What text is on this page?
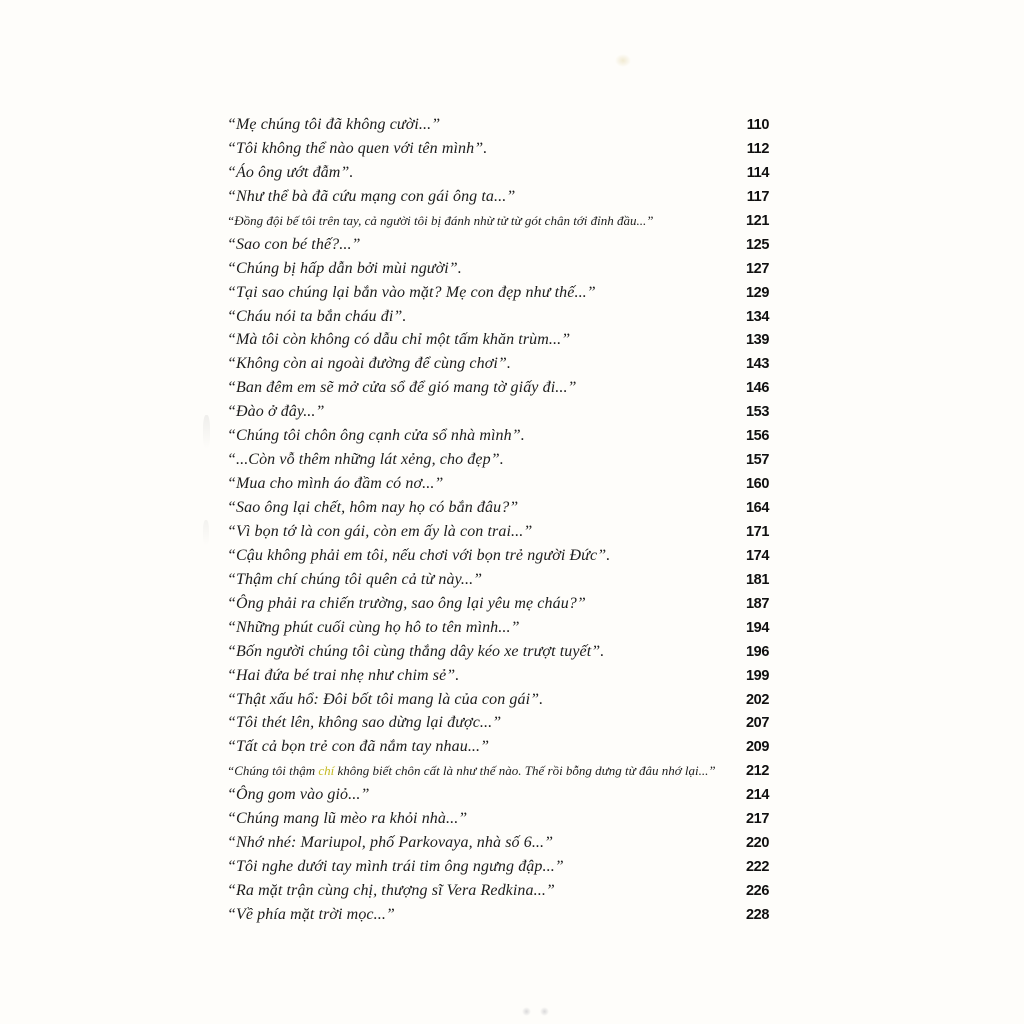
“Mẹ chúng tôi đã không cười...”	110
“Tôi không thể nào quen với tên mình”.	112
“Áo ông ướt đẫm”.	114
“Như thể bà đã cứu mạng con gái ông ta...”	117
“Đồng đội bế tôi trên tay, cả người tôi bị đánh nhừ tử từ gót chân tới đỉnh đầu...”	121
“Sao con bé thế?...”	125
“Chúng bị hấp dẫn bởi mùi người”.	127
“Tại sao chúng lại bắn vào mặt? Mẹ con đẹp như thế...”	129
“Cháu nói ta bắn cháu đi”.	134
“Mà tôi còn không có dẫu chỉ một tấm khăn trùm...”	139
“Không còn ai ngoài đường để cùng chơi”.	143
“Ban đêm em sẽ mở cửa sổ để gió mang tờ giấy đi...”	146
“Đào ở đây...”	153
“Chúng tôi chôn ông cạnh cửa sổ nhà mình”.	156
“...Còn vỗ thêm những lát xẻng, cho đẹp”.	157
“Mua cho mình áo đầm có nơ...”	160
“Sao ông lại chết, hôm nay họ có bắn đâu?”	164
“Vì bọn tớ là con gái, còn em ấy là con trai...”	171
“Cậu không phải em tôi, nếu chơi với bọn trẻ người Đức”.	174
“Thậm chí chúng tôi quên cả từ này...”	181
“Ông phải ra chiến trường, sao ông lại yêu mẹ cháu?”	187
“Những phút cuối cùng họ hô to tên mình...”	194
“Bốn người chúng tôi cùng thắng dây kéo xe trượt tuyết”.	196
“Hai đứa bé trai nhẹ như chim sẻ”.	199
“Thật xấu hổ: Đôi bốt tôi mang là của con gái”.	202
“Tôi thét lên, không sao dừng lại được...”	207
“Tất cả bọn trẻ con đã nắm tay nhau...”	209
“Chúng tôi thậm chí không biết chôn cất là như thế nào. Thế rồi bỗng dưng từ đâu nhớ lại...”	212
“Ông gom vào giỏ...”	214
“Chúng mang lũ mèo ra khỏi nhà...”	217
“Nhớ nhé: Mariupol, phố Parkovaya, nhà số 6...”	220
“Tôi nghe dưới tay mình trái tim ông ngưng đập...”	222
“Ra mặt trận cùng chị, thượng sĩ Vera Redkina...”	226
“Về phía mặt trời mọc...”	228
